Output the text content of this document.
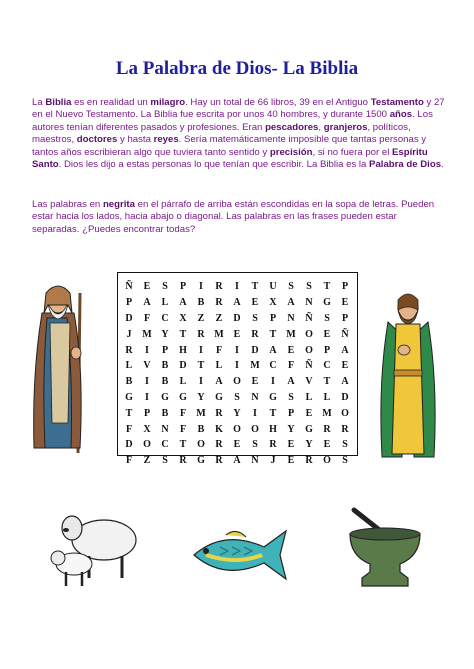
La Palabra de Dios- La Biblia
La Biblia es en realidad un milagro. Hay un total de 66 libros, 39 en el Antiguo Testamento y 27 en el Nuevo Testamento. La Biblia fue escrita por unos 40 hombres, y durante 1500 años. Los autores tenían diferentes pasados y profesiones. Eran pescadores, granjeros, políticos, maestros, doctores y hasta reyes. Sería matemáticamente imposible que tantas personas y tantos años escribieran algo que tuviera tanto sentido y precisión, si no fuera por el Espíritu Santo. Dios les dijo a estas personas lo que tenían que escribir. La Biblia es la Palabra de Dios.
Las palabras en negrita en el párrafo de arriba están escondidas en la sopa de letras. Pueden estar hacia los lados, hacia abajo o diagonal. Las palabras en las frases pueden estar separadas. ¿Puedes encontrar todas?
Ñ	E	S	P	I	R	I	T	U	S	S	T	P
P	A	L	A	B	R	A	E	X	A	N	G	E
D	F	C	X	Z	Z	D	S	P	N	Ñ	S	P
J	M	Y	T	R	M	E	R	T	M	O	E	Ñ
R	I	P	H	I	F	I	D	A	E	O	P	A
L	V	B	D	T	L	I	M	C	F	Ñ	C	E
B	I	B	L	I	A	O	E	I	A	V	T	A
G	I	G	G	Y	G	S	N	G	S	L	L	D
T	P	B	F	M	R	Y	I	T	P	E	M	O
F	X	N	F	B	K	O	O	H	Y	G	R	R
D	O	C	T	O	R	E	S	R	E	Y	E	S
F	Z	S	R	G	R	A	N	J	E	R	O	S
